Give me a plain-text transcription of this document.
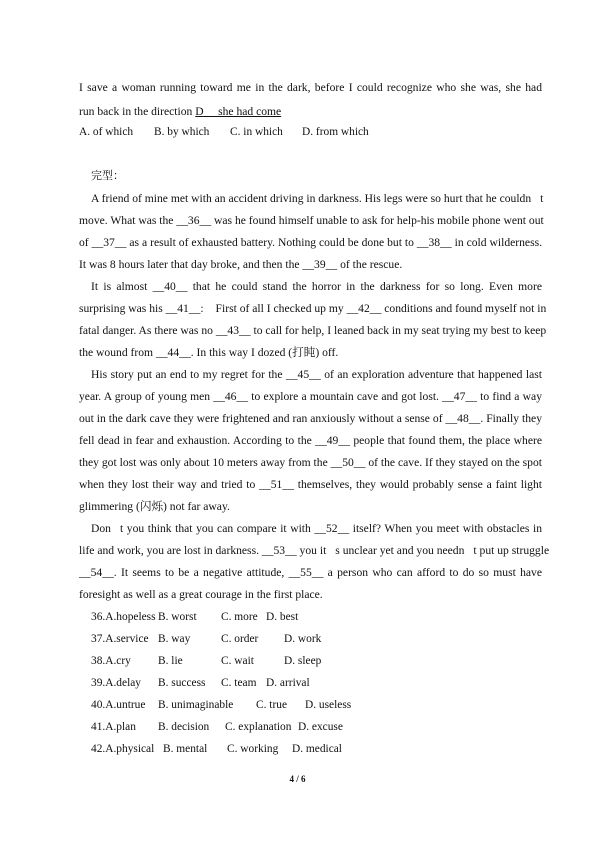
I save a woman running toward me in the dark, before I could recognize who she was, she had
run back in the direction D__ she had come
A. of which B. by which C. in which D. from which
完型：
A friend of mine met with an accident driving in darkness. His legs were so hurt that he couldn t
move. What was the __36__ was he found himself unable to ask for help-his mobile phone went out
of __37__ as a result of exhausted battery. Nothing could be done but to __38__ in cold wilderness.
It was 8 hours later that day broke, and then the __39__ of the rescue.
It is almost __40__ that he could stand the horror in the darkness for so long. Even more
surprising was his __41__:  First of all I checked up my __42__ conditions and found myself not in
fatal danger. As there was no __43__ to call for help, I leaned back in my seat trying my best to keep
the wound from __44__. In this way I dozed (打盹) off. 
His story put an end to my regret for the __45__ of an exploration adventure that happened last
year. A group of young men __46__ to explore a mountain cave and got lost. __47__ to find a way
out in the dark cave they were frightened and ran anxiously without a sense of __48__. Finally they
fell dead in fear and exhaustion. According to the __49__ people that found them, the place where
they got lost was only about 10 meters away from the __50__ of the cave. If they stayed on the spot
when they lost their way and tried to __51__ themselves, they would probably sense a faint light
glimmering (闪烁) not far away.
Don t you think that you can compare it with __52__ itself? When you meet with obstacles in
life and work, you are lost in darkness. __53__ you it s unclear yet and you needn t put up struggle
__54__. It seems to be a negative attitude, __55__ a person who can afford to do so must have
foresight as well as a great courage in the first place.
36.A.hopeless B. worst C. more D. best
37.A.service B. way	C. order D. work
38.A.cry B. lie	C. wait	D. sleep
39.A.delay B. success C. team D. arrival
40.A.untrue B. unimaginable C. true D. useless
41.A.plan B. decision C. explanation D. excuse
42.A.physical B. mental C. working D. medical
4 / 6
